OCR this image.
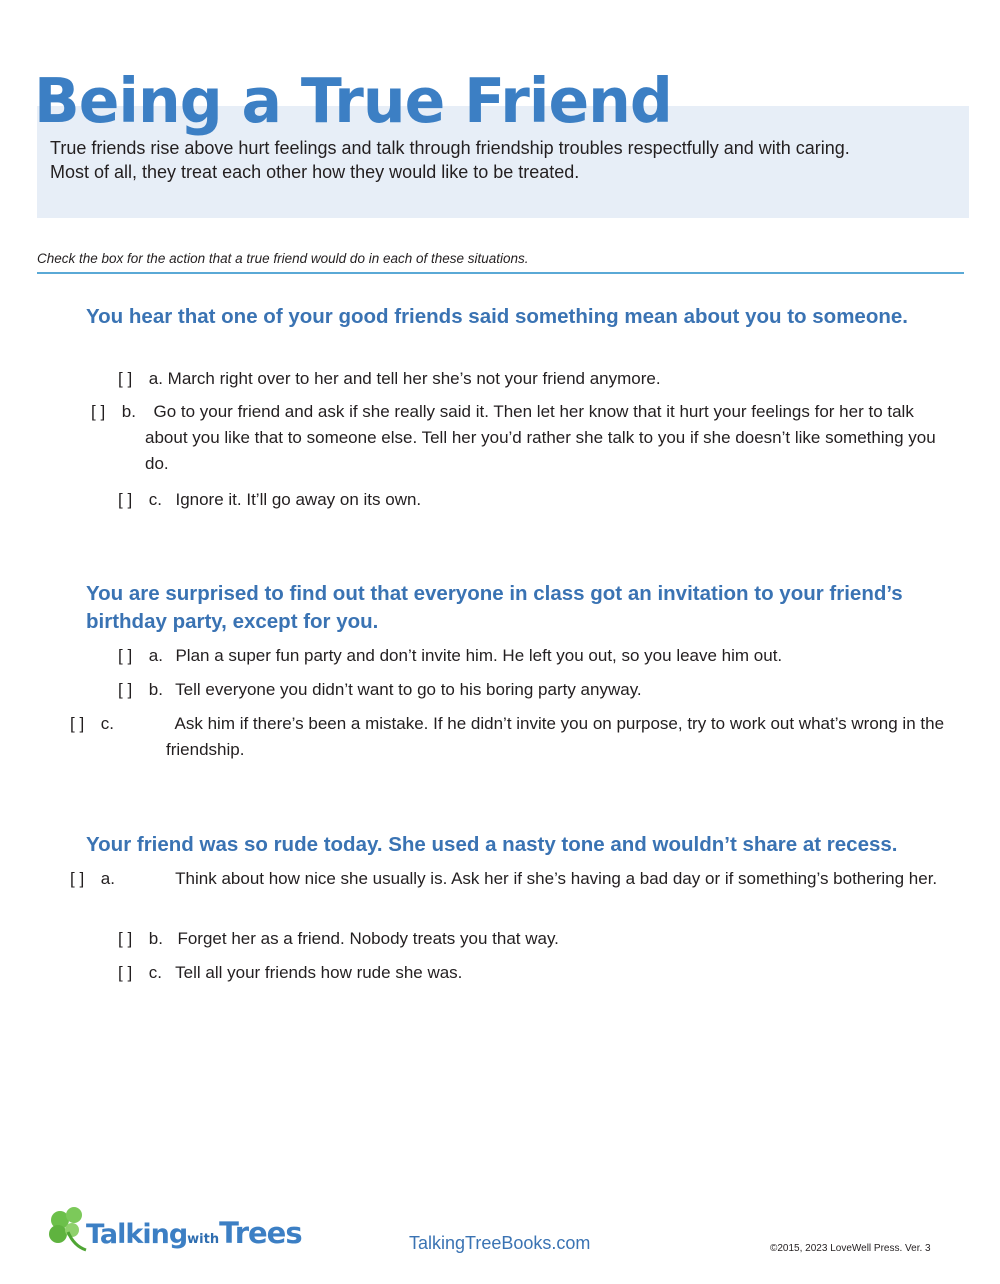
Being a True Friend
True friends rise above hurt feelings and talk through friendship troubles respectfully and with caring.
Most of all, they treat each other how they would like to be treated.
Check the box for the action that a true friend would do in each of these situations.

You hear that one of your good friends said something mean about you to someone.

[ ] a. March right over to her and tell her she’s not your friend anymore.
[ ] b. Go to your friend and ask if she really said it. Then let her know that it hurt your feelings for her to talk about you like that to someone else. Tell her you’d rather she talk to you if she doesn’t like something you do.
[ ] c. Ignore it. It’ll go away on its own.

You are surprised to find out that everyone in class got an invitation to your friend’s birthday party, except for you.

[ ] a. Plan a super fun party and don’t invite him. He left you out, so you leave him out.
[ ] b. Tell everyone you didn’t want to go to his boring party anyway.
[ ] c.	Ask him if there’s been a mistake. If he didn’t invite you on purpose, try to work out what’s wrong in the friendship.

Your friend was so rude today. She used a nasty tone and wouldn’t share at recess.

[ ] a.	Think about how nice she usually is. Ask her if she’s having a bad day or if something’s bothering her.
[ ] b. Forget her as a friend. Nobody treats you that way.
[ ] c. Tell all your friends how rude she was.
TalkingwithTrees	TalkingTreeBooks.com	©2015, 2023 LoveWell Press. Ver. 3
